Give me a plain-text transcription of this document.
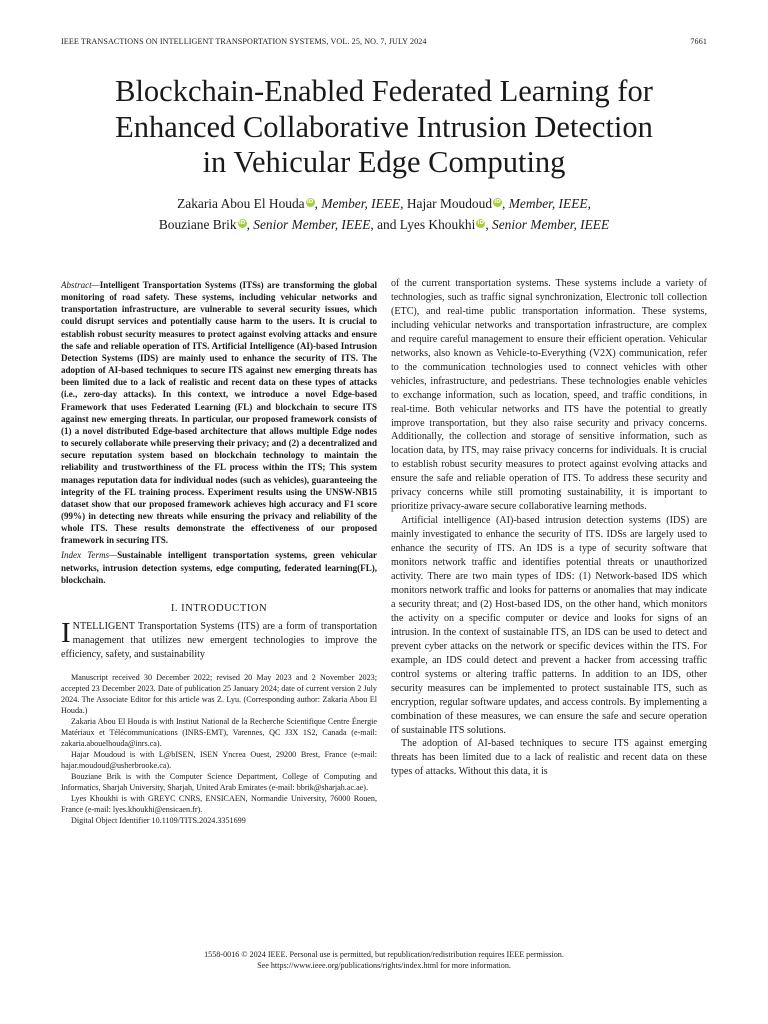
IEEE TRANSACTIONS ON INTELLIGENT TRANSPORTATION SYSTEMS, VOL. 25, NO. 7, JULY 2024	7661
Blockchain-Enabled Federated Learning for
Enhanced Collaborative Intrusion Detection
in Vehicular Edge Computing
Zakaria Abou El Houda iD, Member, IEEE, Hajar Moudoud iD, Member, IEEE,
Bouziane Brik iD, Senior Member, IEEE, and Lyes Khoukhi iD, Senior Member, IEEE
Abstract—Intelligent Transportation Systems (ITSs) are transforming the global monitoring of road safety. These systems, including vehicular networks and transportation infrastructure, are vulnerable to several security issues, which could disrupt services and potentially cause harm to the users. It is crucial to establish robust security measures to protect against evolving attacks and ensure the safe and reliable operation of ITS. Artificial Intelligence (AI)-based Intrusion Detection Systems (IDS) are mainly used to enhance the security of ITS. The adoption of AI-based techniques to secure ITS against new emerging threats has been limited due to a lack of realistic and recent data on these types of attacks (i.e., zero-day attacks). In this context, we introduce a novel Edge-based Framework that uses Federated Learning (FL) and blockchain to secure ITS against new emerging threats. In particular, our proposed framework consists of (1) a novel distributed Edge-based architecture that allows multiple Edge nodes to securely collaborate while preserving their privacy; and (2) a decentralized and secure reputation system based on blockchain technology to maintain the reliability and trustworthiness of the FL process within the ITS; This system manages reputation data for individual nodes (such as vehicles), guaranteeing the integrity of the FL training process. Experiment results using the UNSW-NB15 dataset show that our proposed framework achieves high accuracy and F1 score (99%) in detecting new threats while ensuring the privacy and reliability of the whole ITS. These results demonstrate the effectiveness of our proposed framework in securing ITS.
Index Terms—Sustainable intelligent transportation systems, green vehicular networks, intrusion detection systems, edge computing, federated learning(FL), blockchain.
I. INTRODUCTION
INTELLIGENT Transportation Systems (ITS) are a form of transportation management that utilizes new emergent technologies to improve the efficiency, safety, and sustainability

Manuscript received 30 December 2022; revised 20 May 2023 and 2 November 2023; accepted 23 December 2023. Date of publication 25 January 2024; date of current version 2 July 2024. The Associate Editor for this article was Z. Lyu. (Corresponding author: Zakaria Abou El Houda.)

Zakaria Abou El Houda is with Institut National de la Recherche Scientifique Centre Énergie Matériaux et Télécommunications (INRS-EMT), Varennes, QC J3X 1S2, Canada (e-mail: zakaria.abouelhouda@inrs.ca).

Hajar Moudoud is with L@bISEN, ISEN Yncrea Ouest, 29200 Brest, France (e-mail: hajar.moudoud@usherbrooke.ca).

Bouziane Brik is with the Computer Science Department, College of Computing and Informatics, Sharjah University, Sharjah, United Arab Emirates (e-mail: bbrik@sharjah.ac.ae).

Lyes Khoukhi is with GREYC CNRS, ENSICAEN, Normandie University, 76000 Rouen, France (e-mail: lyes.khoukhi@ensicaen.fr).

Digital Object Identifier 10.1109/TITS.2024.3351699

of the current transportation systems. These systems include a variety of technologies, such as traffic signal synchronization, Electronic toll collection (ETC), and real-time public transportation information. These systems, including vehicular networks and transportation infrastructure, are complex and require careful management to ensure their efficient operation. Vehicular networks, also known as Vehicle-to-Everything (V2X) communication, refer to the communication technologies used to connect vehicles with other vehicles, infrastructure, and pedestrians. These technologies enable vehicles to exchange information, such as location, speed, and traffic conditions, in real-time. Both vehicular networks and ITS have the potential to greatly improve transportation, but they also raise security and privacy concerns. Additionally, the collection and storage of sensitive information, such as location data, by ITS, may raise privacy concerns for individuals. It is crucial to establish robust security measures to protect against evolving attacks and ensure the safe and reliable operation of ITS. To address these security and privacy concerns while still promoting sustainability, it is important to prioritize privacy-aware secure collaborative learning methods.

Artificial intelligence (AI)-based intrusion detection systems (IDS) are mainly investigated to enhance the security of ITS. IDSs are largely used to enhance the security of ITS. An IDS is a type of security software that monitors network traffic and identifies potential threats or unauthorized activity. There are two main types of IDS: (1) Network-based IDS which monitors network traffic and looks for patterns or anomalies that may indicate a security threat; and (2) Host-based IDS, on the other hand, which monitors the activity on a specific computer or device and looks for signs of an intrusion. In the context of sustainable ITS, an IDS can be used to detect and prevent cyber attacks on the network or specific devices within the ITS. For example, an IDS could detect and prevent a hacker from accessing traffic control systems or altering traffic patterns. In addition to an IDS, other security measures can be implemented to protect sustainable ITS, such as encryption, regular software updates, and access controls. By implementing a combination of these measures, we can ensure the safe and secure operation of sustainable ITS solutions.

The adoption of AI-based techniques to secure ITS against emerging threats has been limited due to a lack of realistic and recent data on these types of attacks. Without this data, it is

1558-0016 © 2024 IEEE. Personal use is permitted, but republication/redistribution requires IEEE permission.
See https://www.ieee.org/publications/rights/index.html for more information.
